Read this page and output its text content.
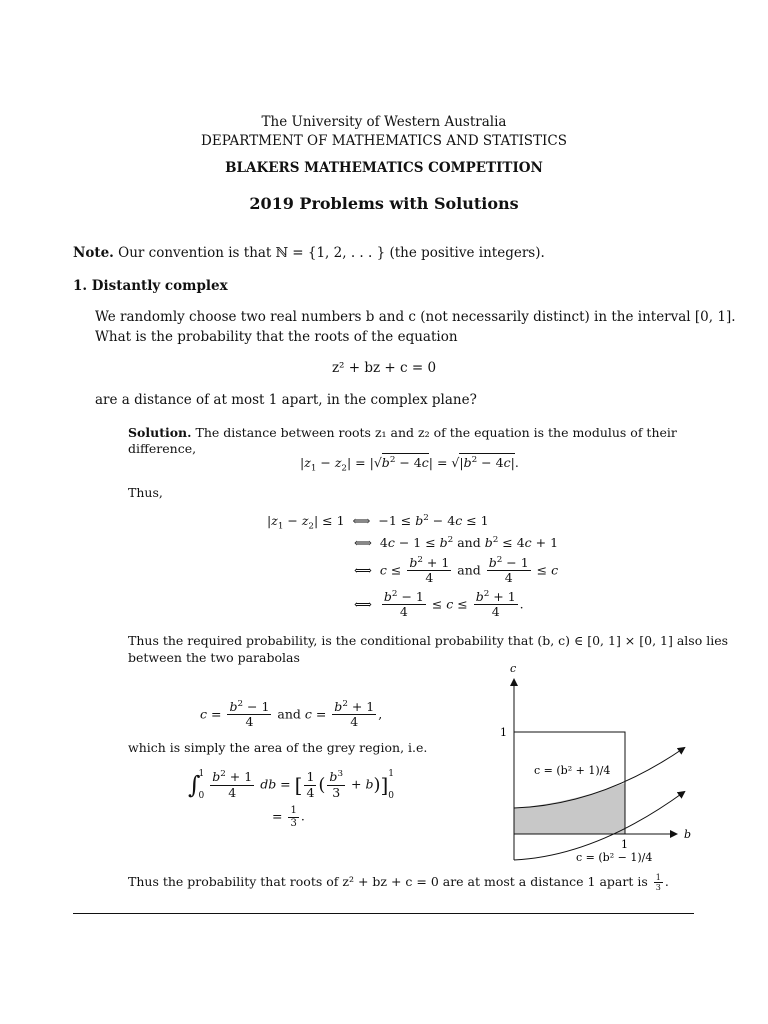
The University of Western Australia
DEPARTMENT OF MATHEMATICS AND STATISTICS
BLAKERS MATHEMATICS COMPETITION
2019 Problems with Solutions
Note. Our convention is that ℕ = {1, 2, . . . } (the positive integers).
1. Distantly complex
We randomly choose two real numbers b and c (not necessarily distinct) in the interval [0, 1].
What is the probability that the roots of the equation
z² + bz + c = 0
are a distance of at most 1 apart, in the complex plane?
Solution. The distance between roots z₁ and z₂ of the equation is the modulus of their
difference,
$|z_1 - z_2| = |√b^2 - 4c| = √|b^2 - 4c|$.
Thus,
$|z_1 - z_2| \le 1$  ⟺  $-1 \le b^2 - 4c \le 1$
⟺  $4c - 1 \le b^2$ and $b^2 \le 4c + 1$
⟺  $c \le \frac{b^2 + 1}{4}$ and $\frac{b^2 - 1}{4} \le c$
⟺ $\frac{b^2 - 1}{4} \le c \le \frac{b^2 + 1}{4}$ .
Thus the required probability, is the conditional probability that (b, c) ∈ [0, 1] × [0, 1] also lies
between the two parabolas
$c = \frac{b^2 - 1}{4}$ and $c = \frac{b^2 + 1}{4}$ ,
which is simply the area of the grey region, i.e.
∫1
$0 \frac{b^2 + 1}{4}$ db = [ $\frac{1}{4}$ ( $\frac{b^3}{3} + b)]1$
0
= $\frac{1}{3}$ .
c
b
1
1
c = (b² + 1)/4
c = (b² − 1)/4
Thus the probability that roots of z² + bz + c = 0 are at most a distance 1 apart is $\frac{1}{3}$ .
